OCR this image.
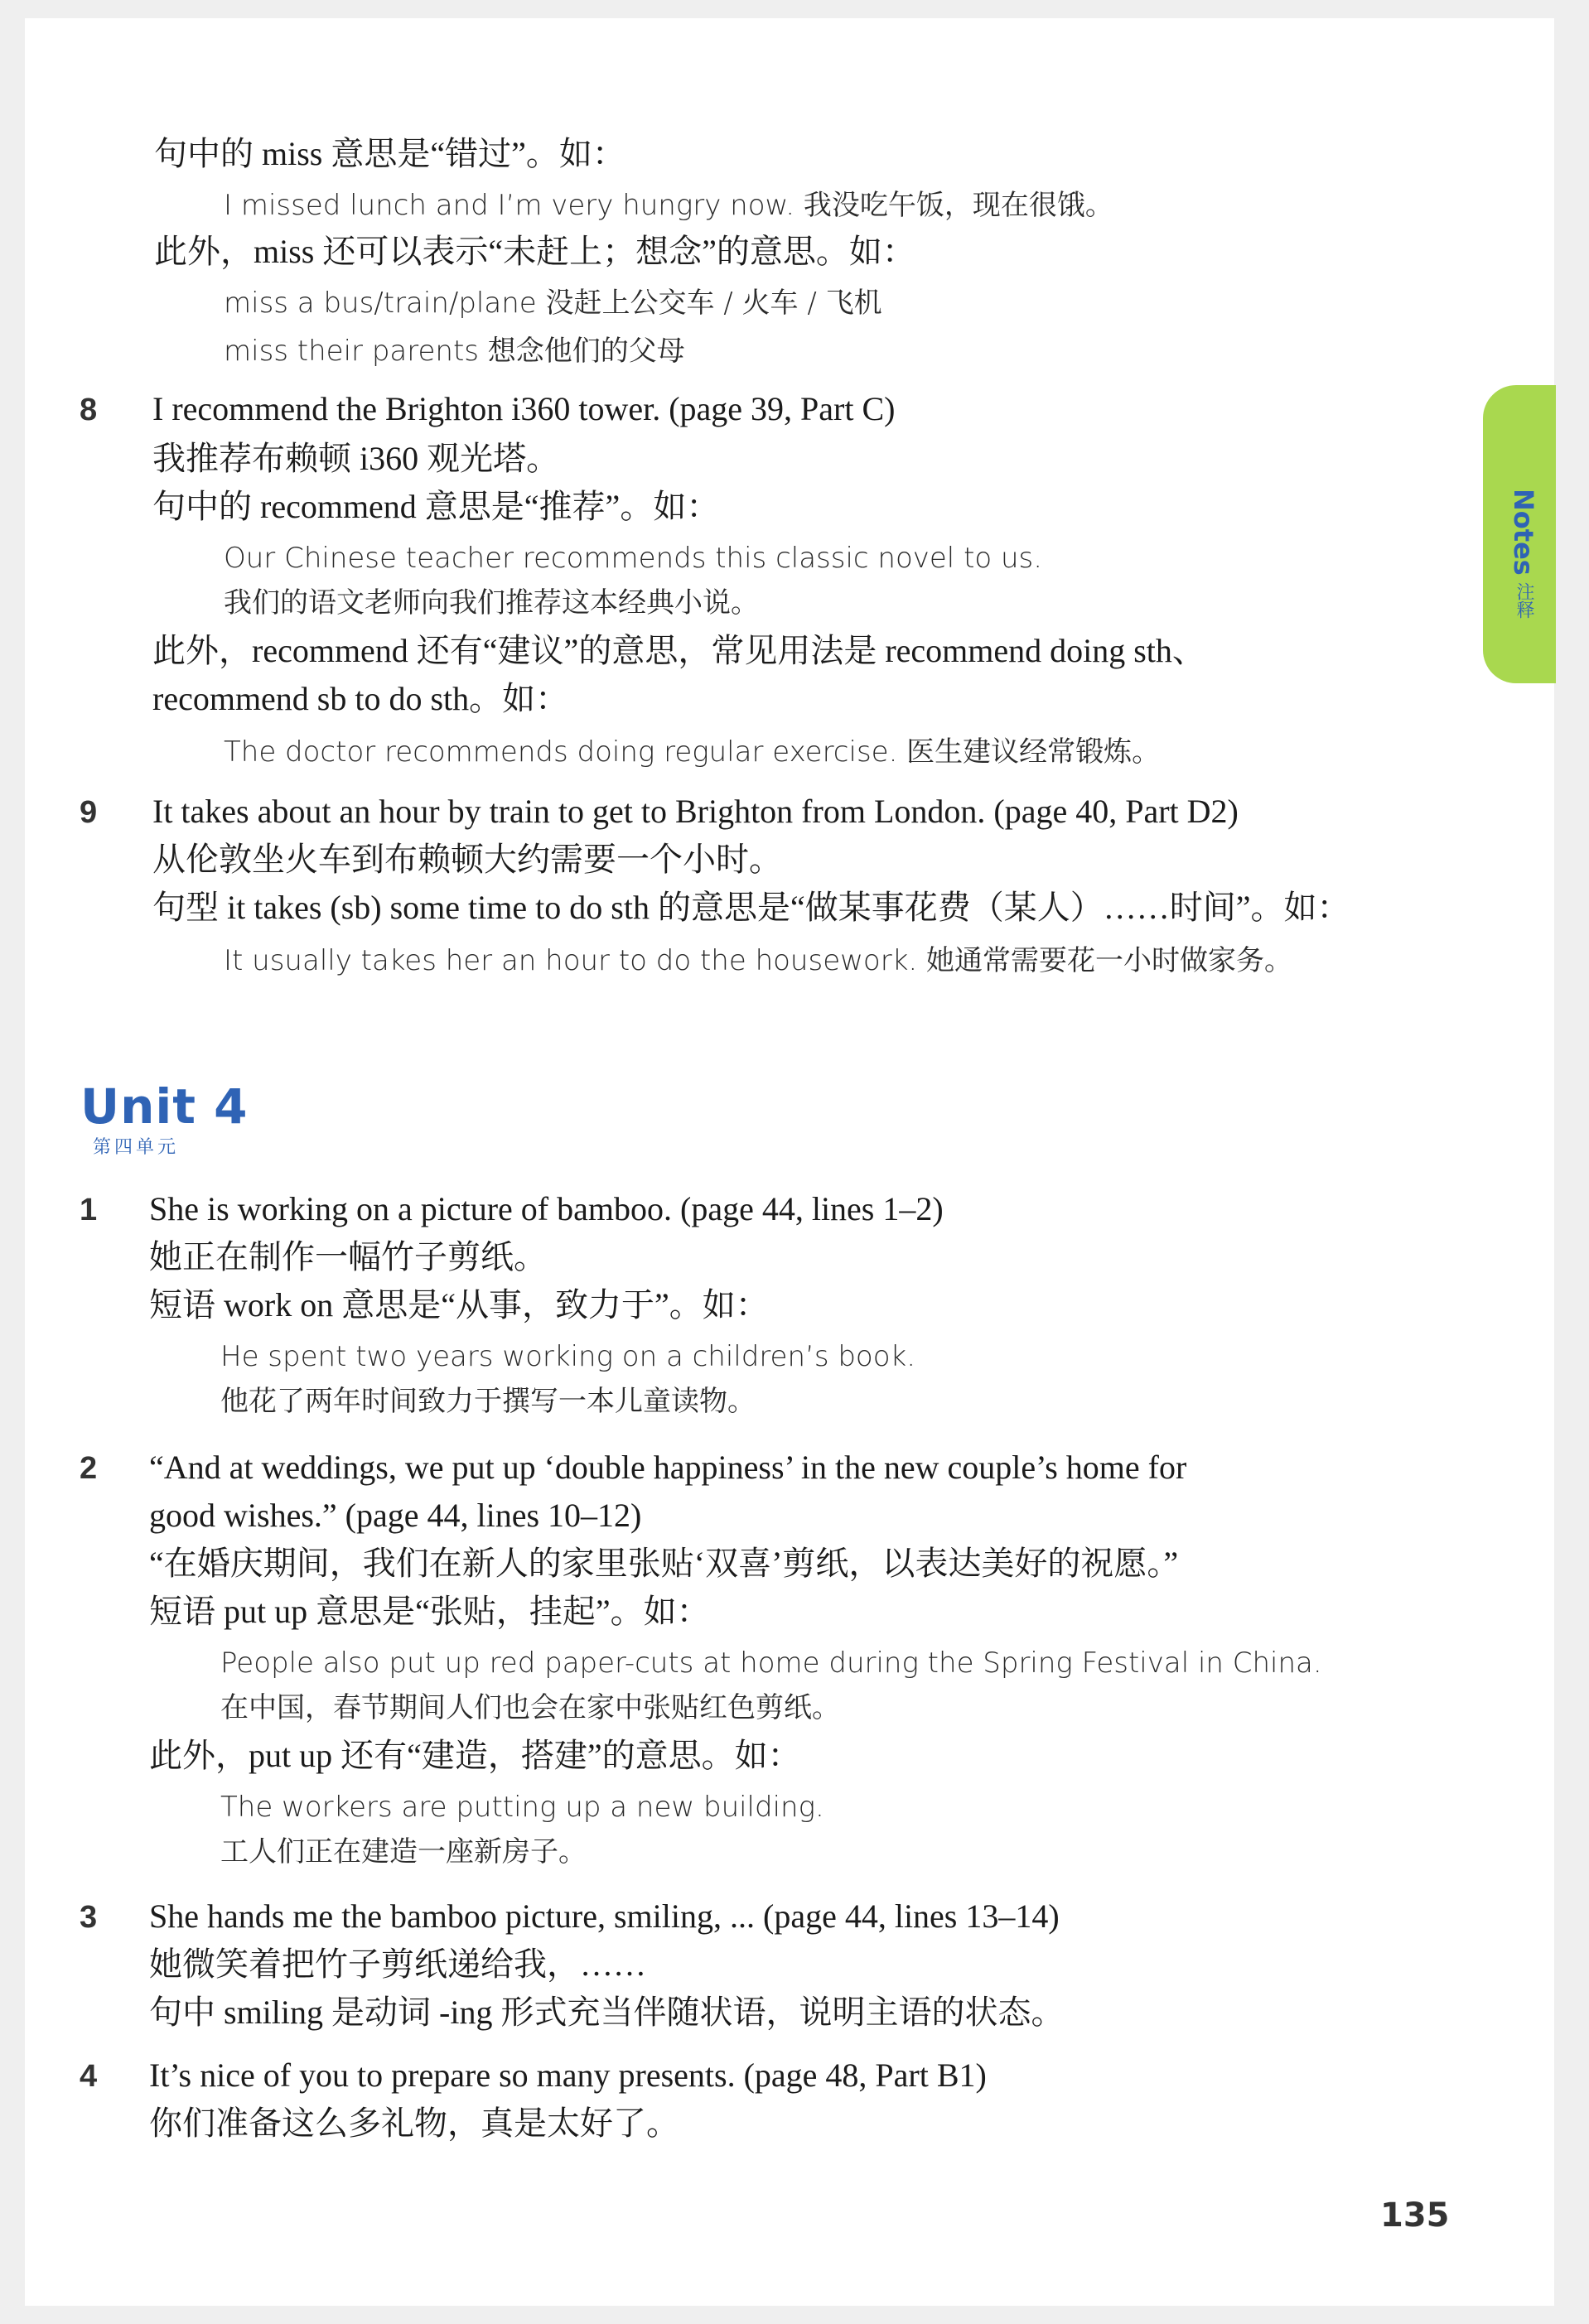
Notes注释
句中的 miss 意思是“错过”。如：
I missed lunch and I’m very hungry now. 我没吃午饭，现在很饿。
此外，miss 还可以表示“未赶上；想念”的意思。如：
miss a bus/train/plane 没赶上公交车 / 火车 / 飞机
miss their parents 想念他们的父母
8 I recommend the Brighton i360 tower. (page 39, Part C)
我推荐布赖顿 i360 观光塔。
句中的 recommend 意思是“推荐”。如：
Our Chinese teacher recommends this classic novel to us.
我们的语文老师向我们推荐这本经典小说。
此外，recommend 还有“建议”的意思，常见用法是 recommend doing sth、
recommend sb to do sth。如：
The doctor recommends doing regular exercise. 医生建议经常锻炼。
9 It takes about an hour by train to get to Brighton from London. (page 40, Part D2)
从伦敦坐火车到布赖顿大约需要一个小时。
句型 it takes (sb) some time to do sth 的意思是“做某事花费（某人）……时间”。如：
It usually takes her an hour to do the housework. 她通常需要花一小时做家务。
Unit 4
第四单元
1 She is working on a picture of bamboo. (page 44, lines 1–2)
她正在制作一幅竹子剪纸。
短语 work on 意思是“从事，致力于”。如：
He spent two years working on a children’s book.
他花了两年时间致力于撰写一本儿童读物。
2 “And at weddings, we put up ‘double happiness’ in the new couple’s home for
good wishes.” (page 44, lines 10–12)
“在婚庆期间，我们在新人的家里张贴‘双喜’剪纸，以表达美好的祝愿。”
短语 put up 意思是“张贴，挂起”。如：
People also put up red paper-cuts at home during the Spring Festival in China.
在中国，春节期间人们也会在家中张贴红色剪纸。
此外，put up 还有“建造，搭建”的意思。如：
The workers are putting up a new building.
工人们正在建造一座新房子。
3 She hands me the bamboo picture, smiling, ... (page 44, lines 13–14)
她微笑着把竹子剪纸递给我，……
句中 smiling 是动词 -ing 形式充当伴随状语，说明主语的状态。
4 It’s nice of you to prepare so many presents. (page 48, Part B1)
你们准备这么多礼物，真是太好了。
135
